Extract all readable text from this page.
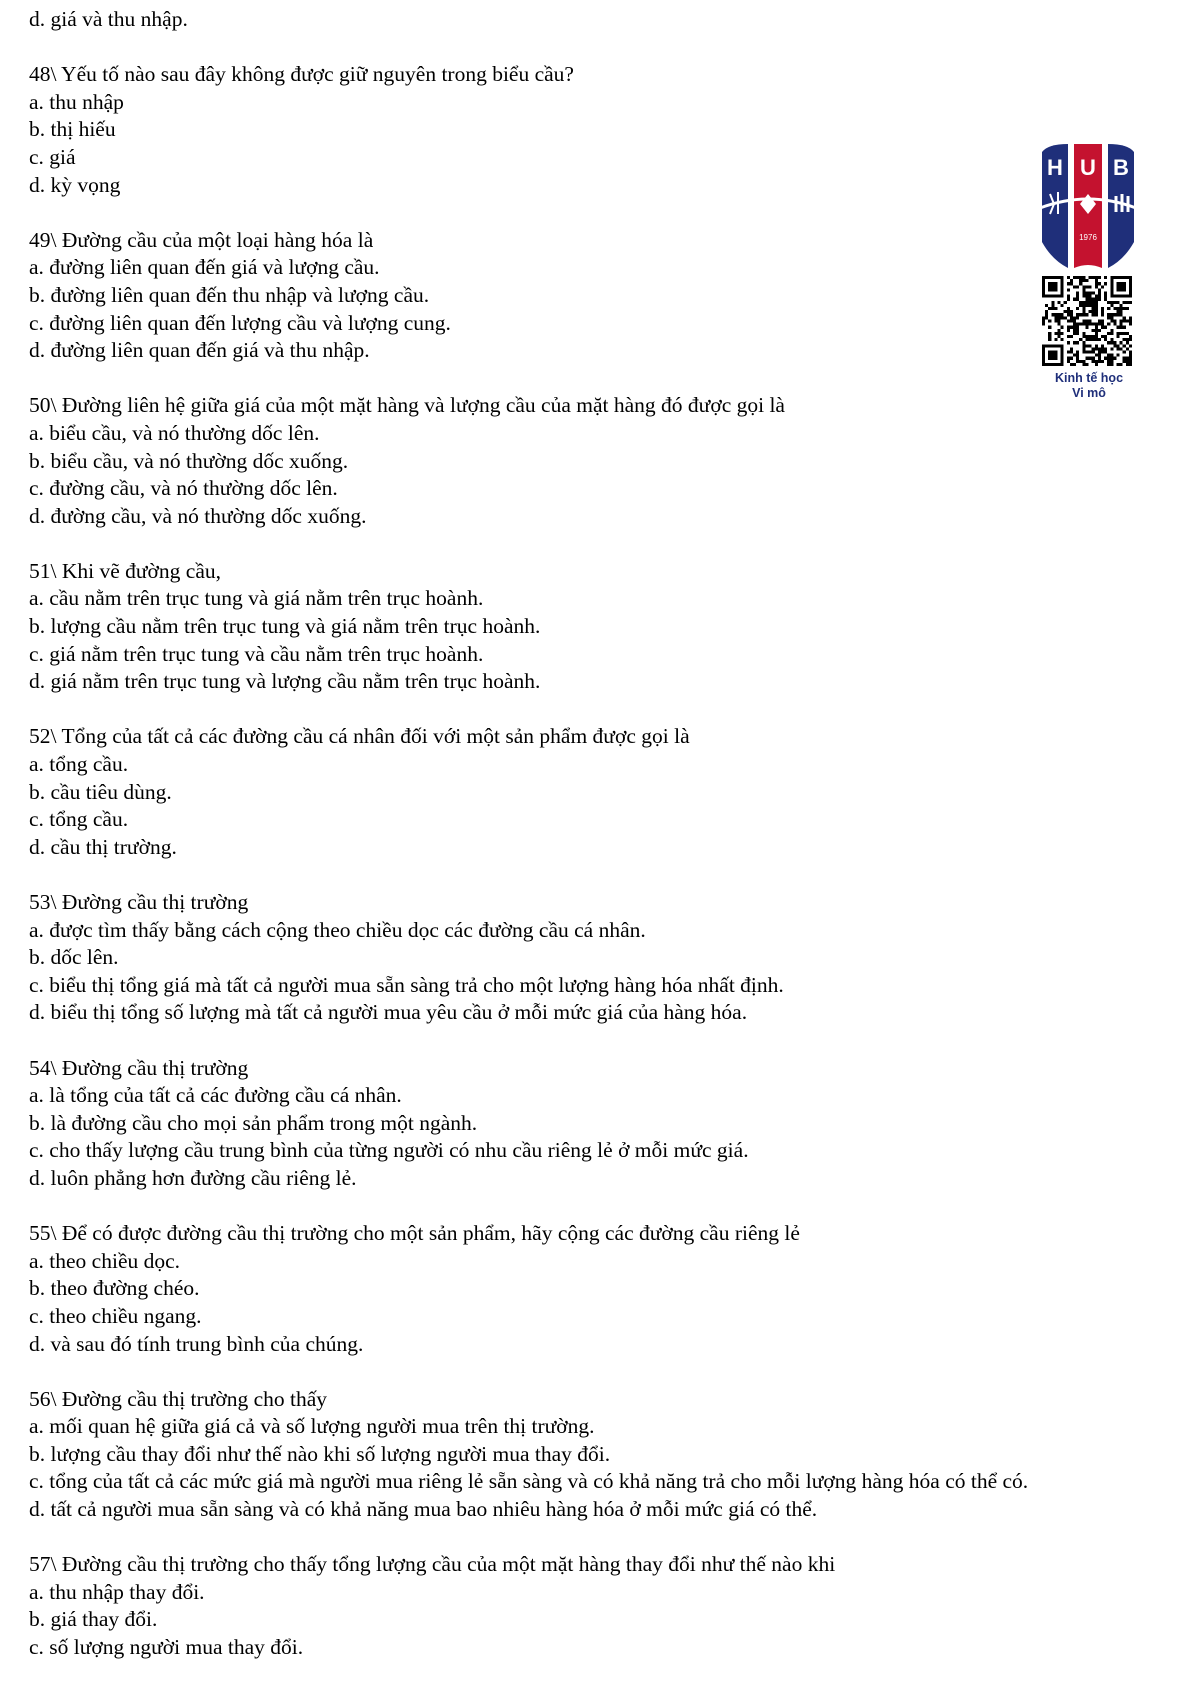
d. giá và thu nhập.
48\ Yếu tố nào sau đây không được giữ nguyên trong biểu cầu?
a. thu nhập
b. thị hiếu
c. giá
d. kỳ vọng
49\ Đường cầu của một loại hàng hóa là
a. đường liên quan đến giá và lượng cầu.
b. đường liên quan đến thu nhập và lượng cầu.
c. đường liên quan đến lượng cầu và lượng cung.
d. đường liên quan đến giá và thu nhập.
50\ Đường liên hệ giữa giá của một mặt hàng và lượng cầu của mặt hàng đó được gọi là
a. biểu cầu, và nó thường dốc lên.
b. biểu cầu, và nó thường dốc xuống.
c. đường cầu, và nó thường dốc lên.
d. đường cầu, và nó thường dốc xuống.
51\ Khi vẽ đường cầu,
a. cầu nằm trên trục tung và giá nằm trên trục hoành.
b. lượng cầu nằm trên trục tung và giá nằm trên trục hoành.
c. giá nằm trên trục tung và cầu nằm trên trục hoành.
d. giá nằm trên trục tung và lượng cầu nằm trên trục hoành.
52\ Tổng của tất cả các đường cầu cá nhân đối với một sản phẩm được gọi là
a. tổng cầu.
b. cầu tiêu dùng.
c. tổng cầu.
d. cầu thị trường.
53\ Đường cầu thị trường
a. được tìm thấy bằng cách cộng theo chiều dọc các đường cầu cá nhân.
b. dốc lên.
c. biểu thị tổng giá mà tất cả người mua sẵn sàng trả cho một lượng hàng hóa nhất định.
d. biểu thị tổng số lượng mà tất cả người mua yêu cầu ở mỗi mức giá của hàng hóa.
54\ Đường cầu thị trường
a. là tổng của tất cả các đường cầu cá nhân.
b. là đường cầu cho mọi sản phẩm trong một ngành.
c. cho thấy lượng cầu trung bình của từng người có nhu cầu riêng lẻ ở mỗi mức giá.
d. luôn phẳng hơn đường cầu riêng lẻ.
55\ Để có được đường cầu thị trường cho một sản phẩm, hãy cộng các đường cầu riêng lẻ
a. theo chiều dọc.
b. theo đường chéo.
c. theo chiều ngang.
d. và sau đó tính trung bình của chúng.
56\ Đường cầu thị trường cho thấy
a. mối quan hệ giữa giá cả và số lượng người mua trên thị trường.
b. lượng cầu thay đổi như thế nào khi số lượng người mua thay đổi.
c. tổng của tất cả các mức giá mà người mua riêng lẻ sẵn sàng và có khả năng trả cho mỗi lượng hàng hóa có thể có.
d. tất cả người mua sẵn sàng và có khả năng mua bao nhiêu hàng hóa ở mỗi mức giá có thể.
57\ Đường cầu thị trường cho thấy tổng lượng cầu của một mặt hàng thay đổi như thế nào khi
a. thu nhập thay đổi.
b. giá thay đổi.
c. số lượng người mua thay đổi.
H U B
1976
Kinh tế học
Vi mô
